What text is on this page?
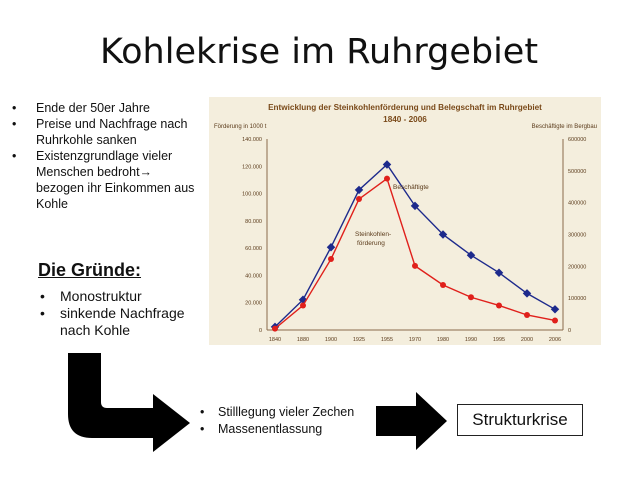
Kohlekrise im Ruhrgebiet
• Ende der 50er Jahre
• Preise und Nachfrage nach Ruhrkohle sanken
• Existenzgrundlage vieler Menschen bedroht→
bezogen ihr Einkommen aus Kohle
Die Gründe:
• Monostruktur
• sinkende Nachfrage nach Kohle
• Stilllegung vieler Zechen
• Massenentlassung	Strukturkrise
Entwicklung der Steinkohlenförderung und Belegschaft im Ruhrgebiet
1840 - 2006
Förderung in 1000 t	Beschäftigte im Bergbau
1840	1880	1900	1925	1955	1970	1980	1990	1995	2000	2006
0
20.000
40.000
60.000
80.000
100.000
120.000
140.000
0
100000
200000
300000
400000
500000
600000
Beschäftigte
Steinkohlen-
förderung
